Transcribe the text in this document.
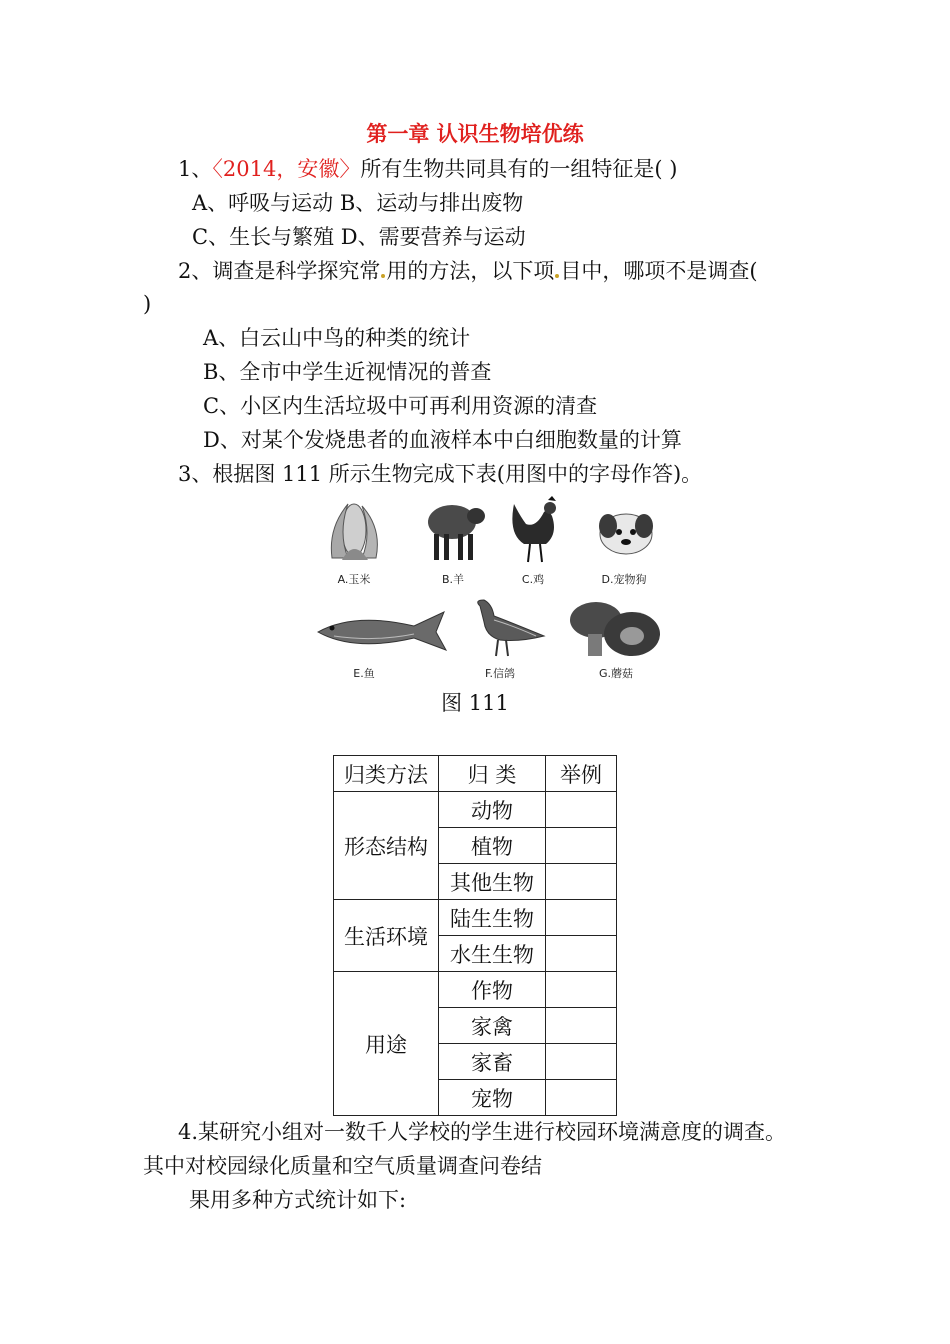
第一章 认识生物培优练
1、〈2014，安徽〉所有生物共同具有的一组特征是( )
A、呼吸与运动 B、运动与排出废物
C、生长与繁殖 D、需要营养与运动
2、调查是科学探究常 用的方法，以下项 目中，哪项不是调查(
)
A、白云山中鸟的种类的统计
B、全市中学生近视情况的普查
C、小区内生活垃圾中可再利用资源的清查
D、对某个发烧患者的血液样本中白细胞数量的计算
3、根据图 111 所示生物完成下表(用图中的字母作答)。
A.玉米	B.羊	C.鸡	D.宠物狗
E.鱼	F.信鸽	G.蘑菇
图 111
归类方法	归 类	举例
形态结构	动物	
	植物	
	其他生物	
生活环境	陆生生物	
	水生生物	
用途	作物	
	家禽	
	家畜	
	宠物	
4.某研究小组对一数千人学校的学生进行校园环境满意度的调查。
其中对校园绿化质量和空气质量调查问卷结
果用多种方式统计如下:
